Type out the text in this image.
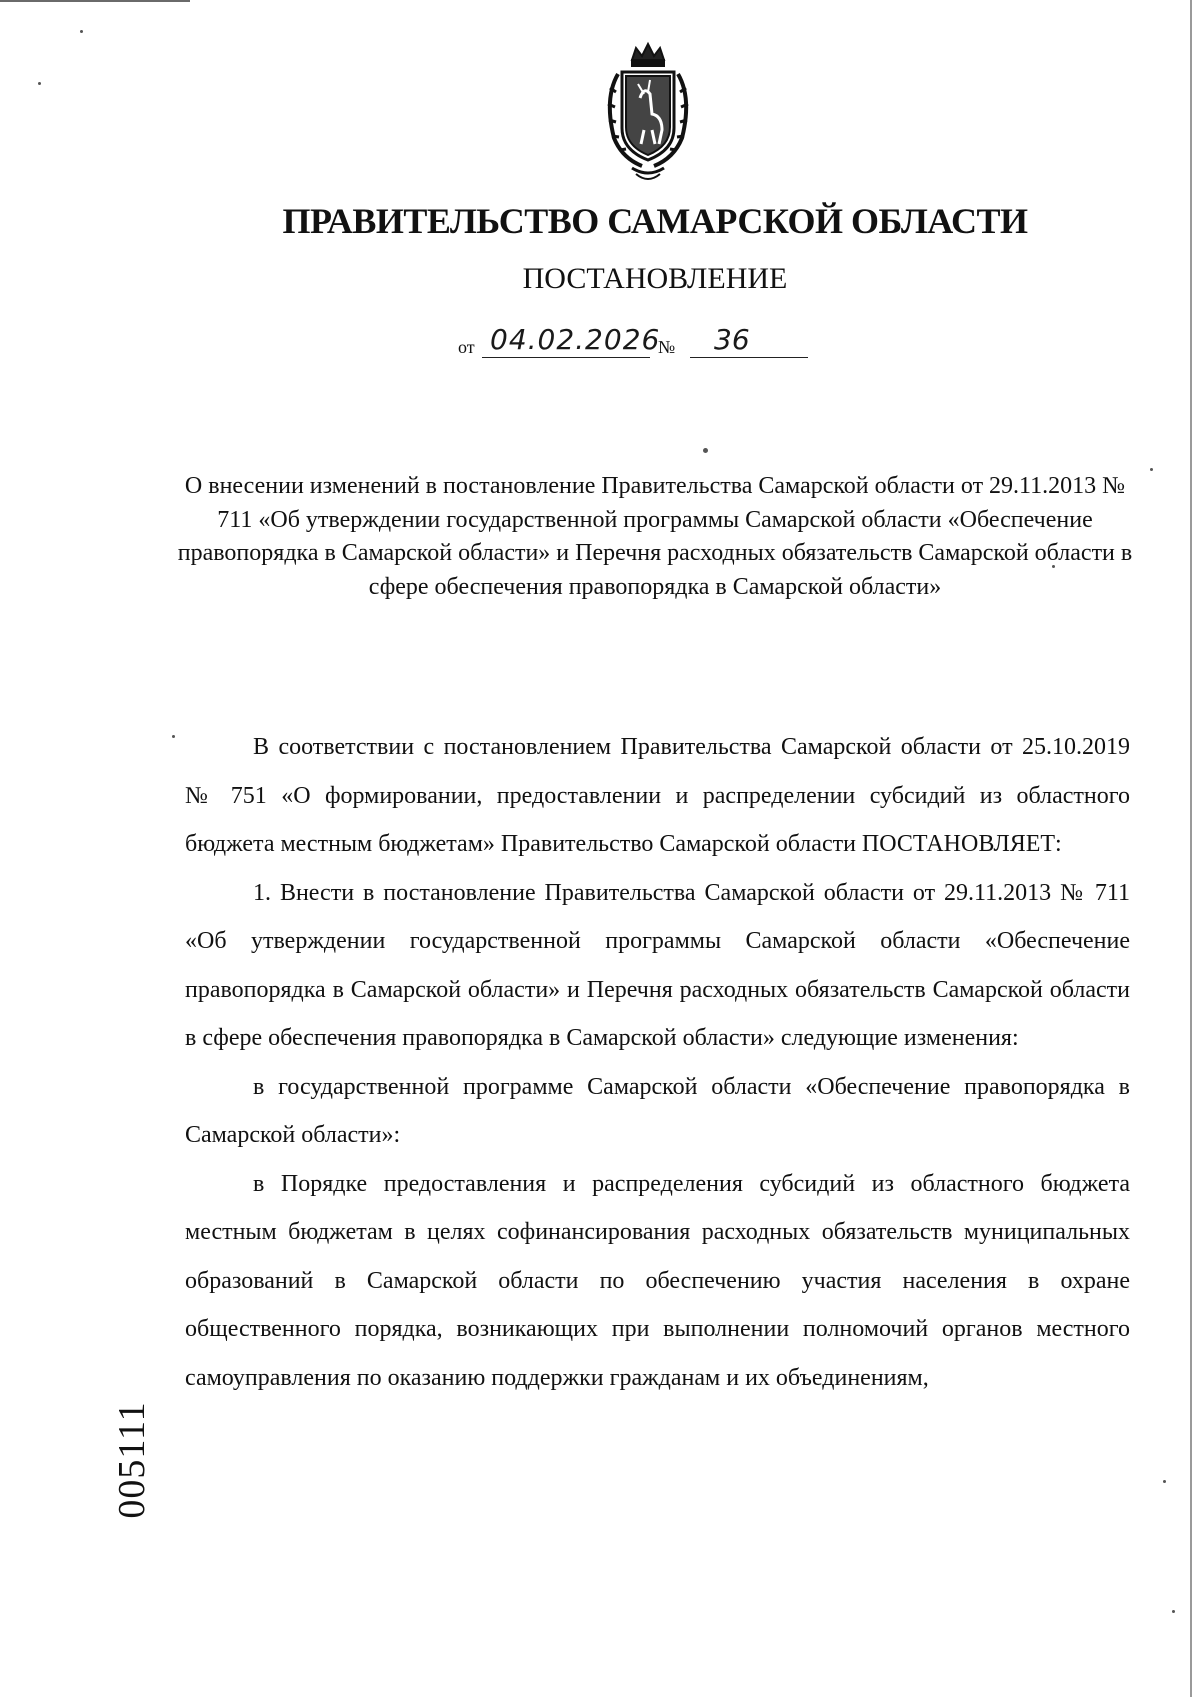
ПРАВИТЕЛЬСТВО САМАРСКОЙ ОБЛАСТИ
ПОСТАНОВЛЕНИЕ
от 04.02.2026
№ 36
О внесении изменений в постановление Правительства Самарской области от 29.11.2013 № 711 «Об утверждении государственной программы Самарской области «Обеспечение правопорядка в Самарской области» и Перечня расходных обязательств Самарской области в сфере обеспечения правопорядка в Самарской области»

В соответствии с постановлением Правительства Самарской области от 25.10.2019 № 751 «О формировании, предоставлении и распределении субсидий из областного бюджета местным бюджетам» Правительство Самарской области ПОСТАНОВЛЯЕТ:

1. Внести в постановление Правительства Самарской области от 29.11.2013 № 711 «Об утверждении государственной программы Самарской области «Обеспечение правопорядка в Самарской области» и Перечня расходных обязательств Самарской области в сфере обеспечения правопорядка в Самарской области» следующие изменения:

в государственной программе Самарской области «Обеспечение правопорядка в Самарской области»:

в Порядке предоставления и распределения субсидий из областного бюджета местным бюджетам в целях софинансирования расходных обязательств муниципальных образований в Самарской области по обеспечению участия населения в охране общественного порядка, возникающих при выполнении полномочий органов местного самоуправления по оказанию поддержки гражданам и их объединениям,

005111
